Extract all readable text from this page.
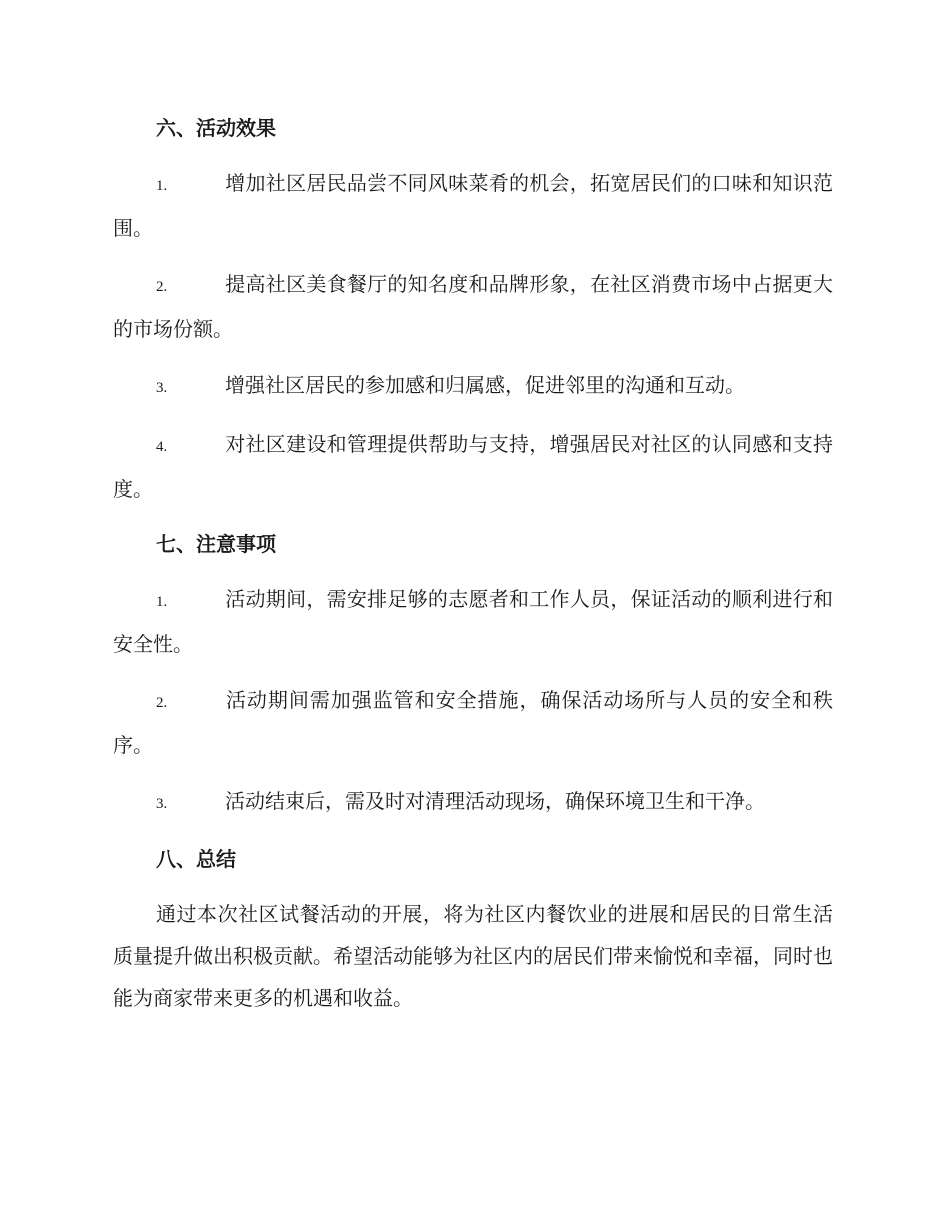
六、活动效果
1.	增加社区居民品尝不同风味菜肴的机会，拓宽居民们的口味和知识范围。
2.	提高社区美食餐厅的知名度和品牌形象，在社区消费市场中占据更大的市场份额。
3.	增强社区居民的参加感和归属感，促进邻里的沟通和互动。
4.	对社区建设和管理提供帮助与支持，增强居民对社区的认同感和支持度。
七、注意事项
1.	活动期间，需安排足够的志愿者和工作人员，保证活动的顺利进行和安全性。
2.	活动期间需加强监管和安全措施，确保活动场所与人员的安全和秩序。
3.	活动结束后，需及时对清理活动现场，确保环境卫生和干净。
八、总结

通过本次社区试餐活动的开展，将为社区内餐饮业的进展和居民的日常生活质量提升做出积极贡献。希望活动能够为社区内的居民们带来愉悦和幸福，同时也能为商家带来更多的机遇和收益。
